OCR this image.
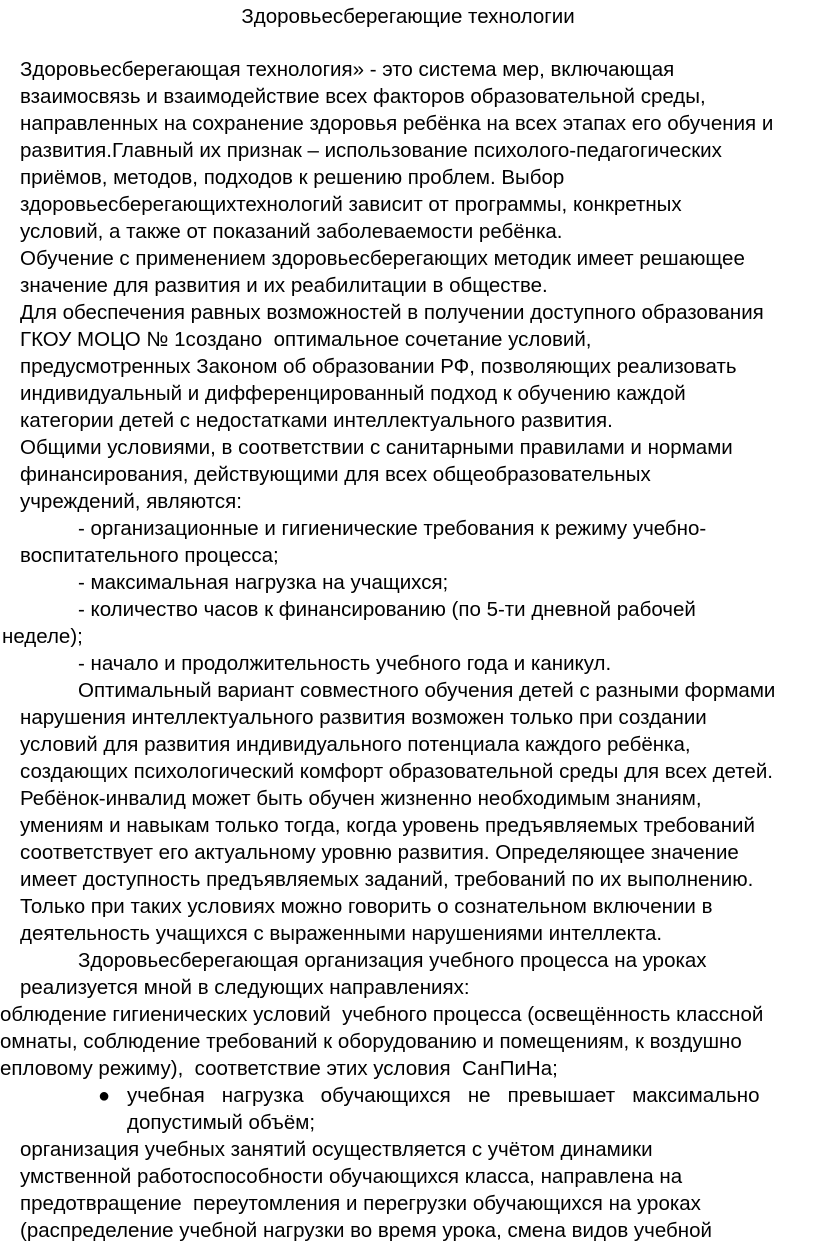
Здоровьесберегающие технологии
Здоровьесберегающая технология» - это система мер, включающая
взаимосвязь и взаимодействие всех факторов образовательной среды,
направленных на сохранение здоровья ребёнка на всех этапах его обучения и
развития.Главный их признак – использование психолого-педагогических
приёмов, методов, подходов к решению проблем. Выбор
здоровьесберегающихтехнологий зависит от программы, конкретных
условий, а также от показаний заболеваемости ребёнка.
Обучение с применением здоровьесберегающих методик имеет решающее
значение для развития и их реабилитации в обществе.
Для обеспечения равных возможностей в получении доступного образования
ГКОУ МОЦО № 1создано  оптимальное сочетание условий,
предусмотренных Законом об образовании РФ, позволяющих реализовать
индивидуальный и дифференцированный подход к обучению каждой
категории детей с недостатками интеллектуального развития.
Общими условиями, в соответствии с санитарными правилами и нормами
финансирования, действующими для всех общеобразовательных
учреждений, являются:
- организационные и гигиенические требования к режиму учебно-
воспитательного процесса;
- максимальная нагрузка на учащихся;
- количество часов к финансированию (по 5-ти дневной рабочей
неделе);
- начало и продолжительность учебного года и каникул.
Оптимальный вариант совместного обучения детей с разными формами
нарушения интеллектуального развития возможен только при создании
условий для развития индивидуального потенциала каждого ребёнка,
создающих психологический комфорт образовательной среды для всех детей.
Ребёнок-инвалид может быть обучен жизненно необходимым знаниям,
умениям и навыкам только тогда, когда уровень предъявляемых требований
соответствует его актуальному уровню развития. Определяющее значение
имеет доступность предъявляемых заданий, требований по их выполнению.
Только при таких условиях можно говорить о сознательном включении в
деятельность учащихся с выраженными нарушениями интеллекта.
Здоровьесберегающая организация учебного процесса на уроках
реализуется мной в следующих направлениях:
облюдение гигиенических условий  учебного процесса (освещённость классной
омнаты, соблюдение требований к оборудованию и помещениям, к воздушно
епловому режиму),  соответствие этих условия  СанПиНа;
● учебная   нагрузка   обучающихся   не   превышает   максимально
допустимый объём;
организация учебных занятий осуществляется с учётом динамики
умственной работоспособности обучающихся класса, направлена на
предотвращение  переутомления и перегрузки обучающихся на уроках
(распределение учебной нагрузки во время урока, смена видов учебной
